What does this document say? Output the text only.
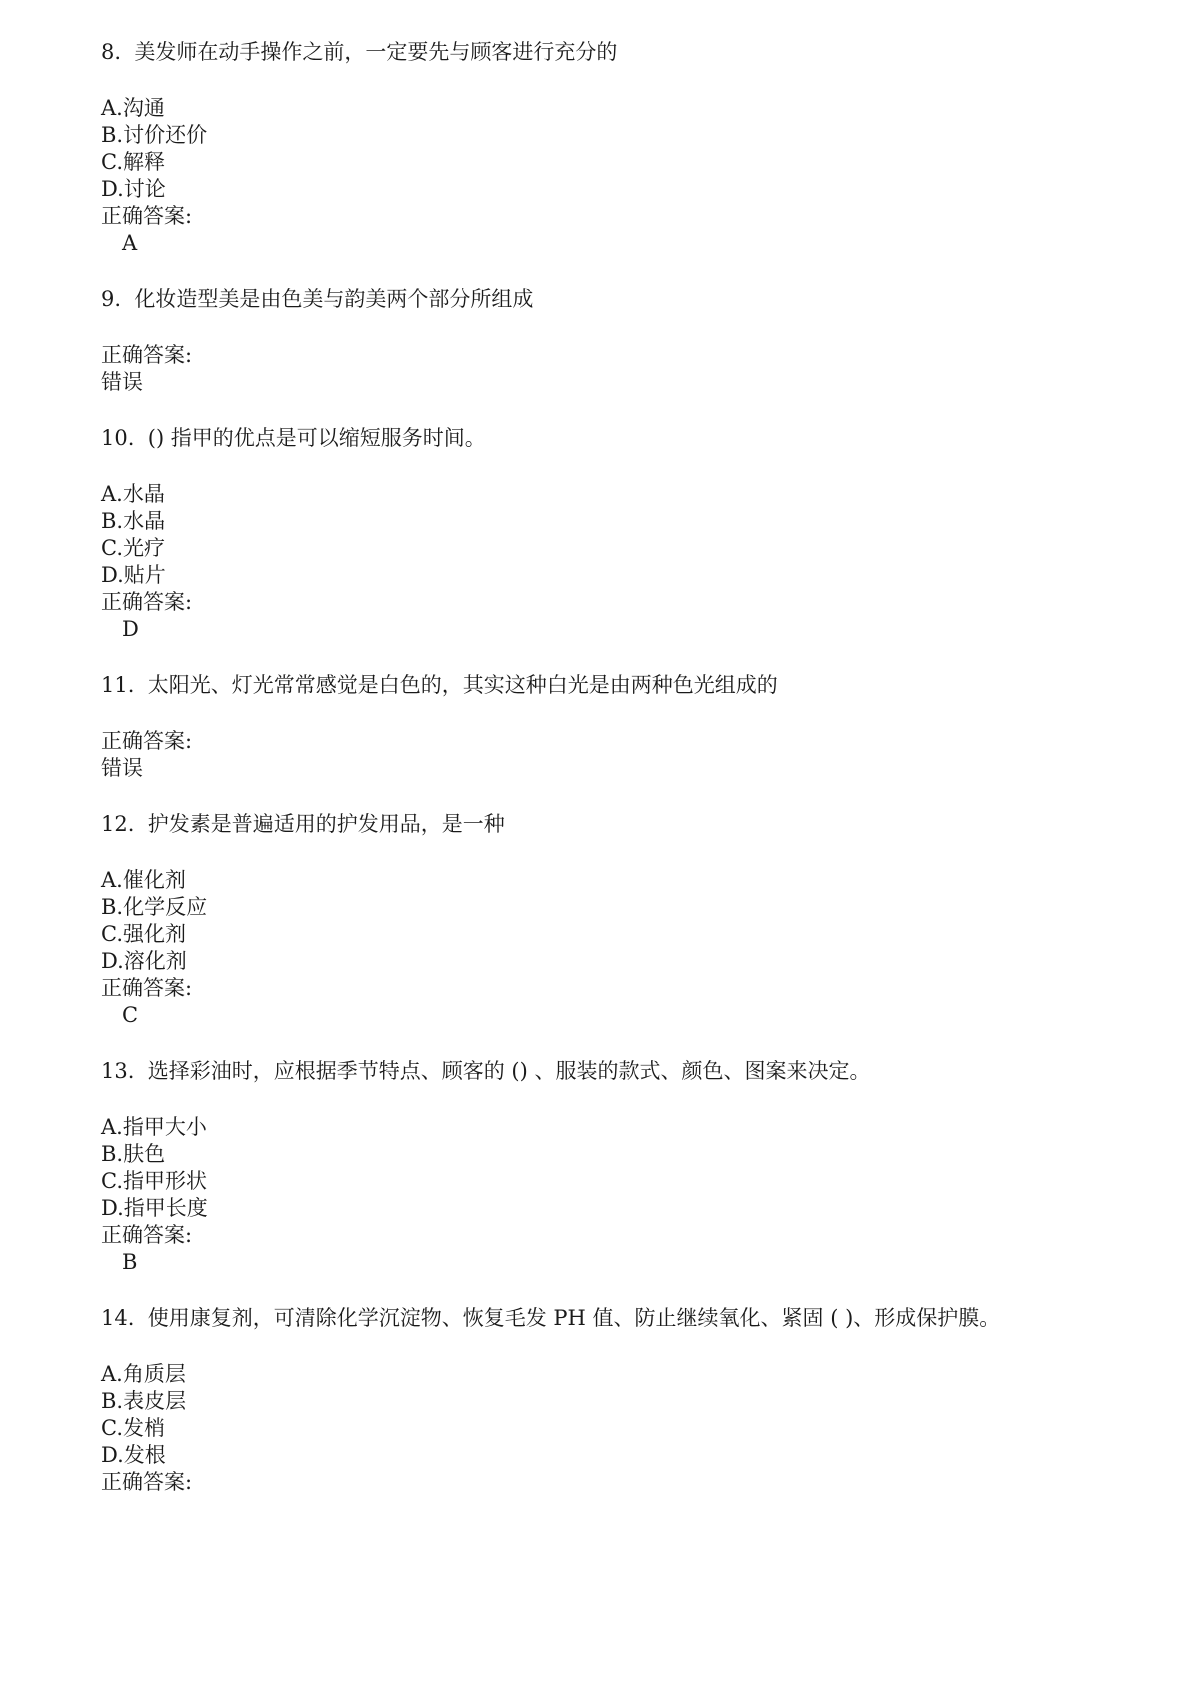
8.  美发师在动手操作之前，一定要先与顾客进行充分的
A.沟通
B.讨价还价
C.解释
D.讨论
正确答案:
A
9.  化妆造型美是由色美与韵美两个部分所组成
正确答案:
错误
10.  () 指甲的优点是可以缩短服务时间。
A.水晶
B.水晶
C.光疗
D.贴片
正确答案:
D
11.  太阳光、灯光常常感觉是白色的，其实这种白光是由两种色光组成的
正确答案:
错误
12.  护发素是普遍适用的护发用品，是一种
A.催化剂
B.化学反应
C.强化剂
D.溶化剂
正确答案:
C
13.  选择彩油时，应根据季节特点、顾客的 () 、服装的款式、颜色、图案来决定。
A.指甲大小
B.肤色
C.指甲形状
D.指甲长度
正确答案:
B
14.  使用康复剂，可清除化学沉淀物、恢复毛发 PH 值、防止继续氧化、紧固 ( )、形成保护膜。
A.角质层
B.表皮层
C.发梢
D.发根
正确答案:
